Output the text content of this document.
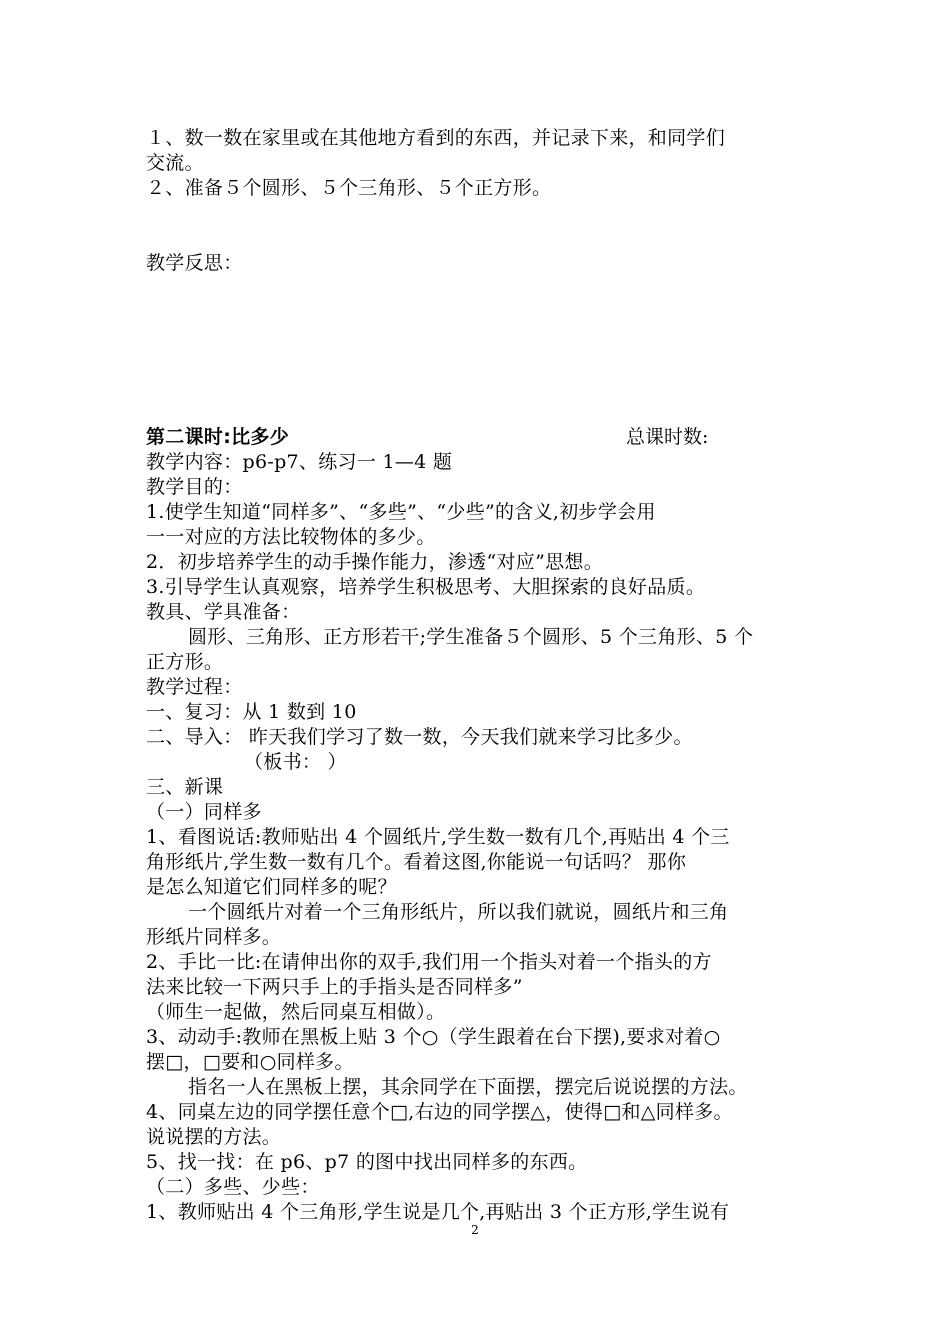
１、数一数在家里或在其他地方看到的东西，并记录下来，和同学们
交流。
２、准备５个圆形、５个三角形、５个正方形。
教学反思：
第二课时:比多少	总课时数:
教学内容：p6-p7、练习一 1—4 题
教学目的：
1.使学生知道“同样多”、“多些”、“少些”的含义,初步学会用
一一对应的方法比较物体的多少。
2．初步培养学生的动手操作能力，渗透“对应”思想。
3.引导学生认真观察，培养学生积极思考、大胆探索的良好品质。
教具、学具准备：
圆形、三角形、正方形若干;学生准备５个圆形、5 个三角形、5 个
正方形。
教学过程：
一、复习：从 1 数到 10
二、导入： 昨天我们学习了数一数，今天我们就来学习比多少。
（板书： ）
三、新课
（一）同样多
1、看图说话:教师贴出 4 个圆纸片,学生数一数有几个,再贴出 4 个三
角形纸片,学生数一数有几个。看着这图,你能说一句话吗？ 那你
是怎么知道它们同样多的呢？
一个圆纸片对着一个三角形纸片，所以我们就说，圆纸片和三角
形纸片同样多。
2、手比一比:在请伸出你的双手,我们用一个指头对着一个指头的方
法来比较一下两只手上的手指头是否同样多”
（师生一起做，然后同桌互相做）。
3、动动手:教师在黑板上贴 3 个○（学生跟着在台下摆),要求对着○
摆□，□要和○同样多。
指名一人在黑板上摆，其余同学在下面摆，摆完后说说摆的方法。
4、同桌左边的同学摆任意个□,右边的同学摆△，使得□和△同样多。
说说摆的方法。
5、找一找：在 p6、p7 的图中找出同样多的东西。
（二）多些、少些：
1、教师贴出 4 个三角形,学生说是几个,再贴出 3 个正方形,学生说有
2
